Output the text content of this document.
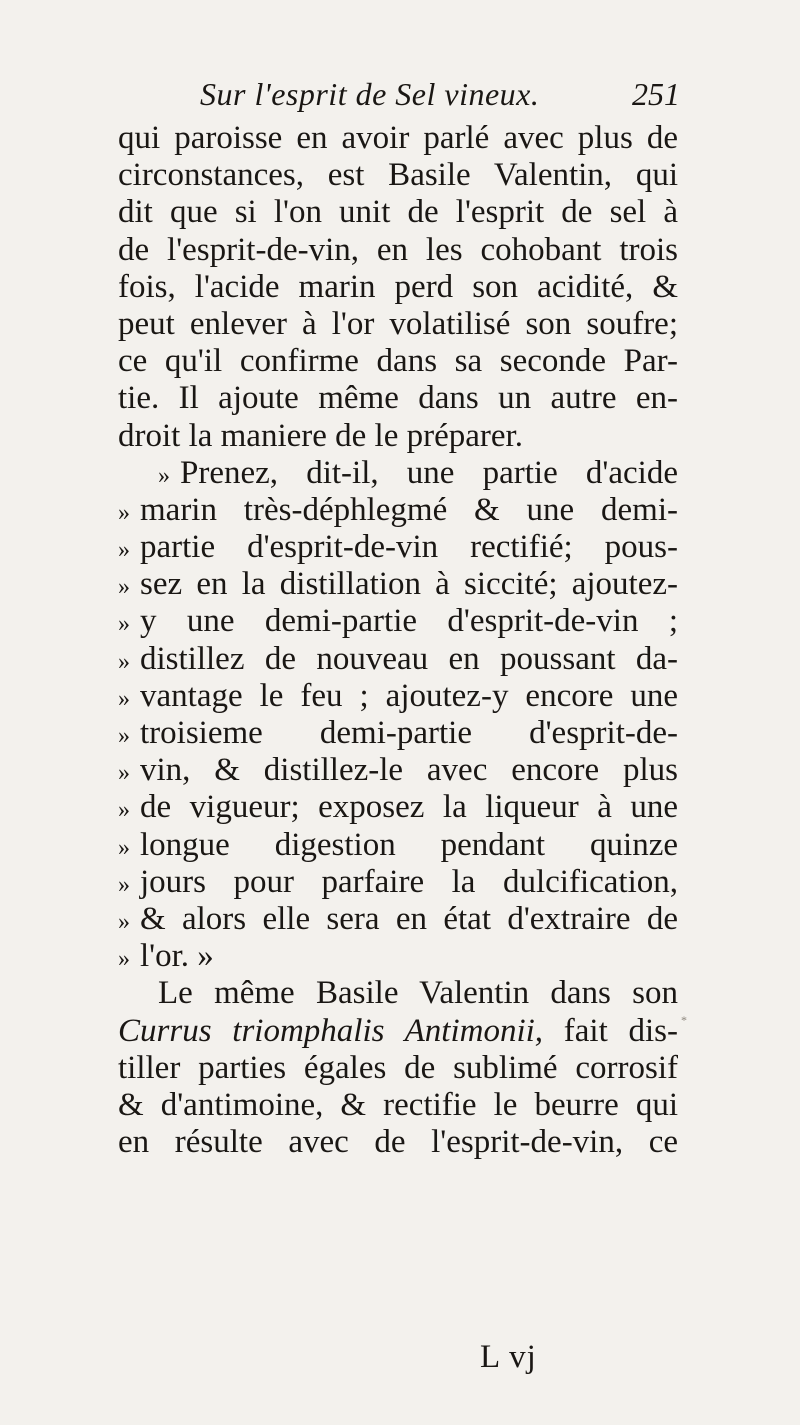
Sur l'esprit de Sel vineux.	251
qui paroisse en avoir parlé avec plus de
circonstances, est Basile Valentin, qui
dit que si l'on unit de l'esprit de sel à
de l'esprit-de-vin, en les cohobant trois
fois, l'acide marin perd son acidité, &
peut enlever à l'or volatilisé son soufre;
ce qu'il confirme dans sa seconde Par-
tie. Il ajoute même dans un autre en-
droit la maniere de le préparer.
» Prenez, dit-il, une partie d'acide
» marin très-déphlegmé & une demi-
» partie d'esprit-de-vin rectifié; pous-
» sez en la distillation à siccité; ajoutez-
» y une demi-partie d'esprit-de-vin ;
» distillez de nouveau en poussant da-
» vantage le feu ; ajoutez-y encore une
» troisieme demi-partie d'esprit-de-
» vin, & distillez-le avec encore plus
» de vigueur; exposez la liqueur à une
» longue digestion pendant quinze
» jours pour parfaire la dulcification,
» & alors elle sera en état d'extraire de
» l'or. »
Le même Basile Valentin dans son
Currus triomphalis Antimonii, fait dis-
tiller parties égales de sublimé corrosif
& d'antimoine, & rectifie le beurre qui
en résulte avec de l'esprit-de-vin, ce
*
L vj
